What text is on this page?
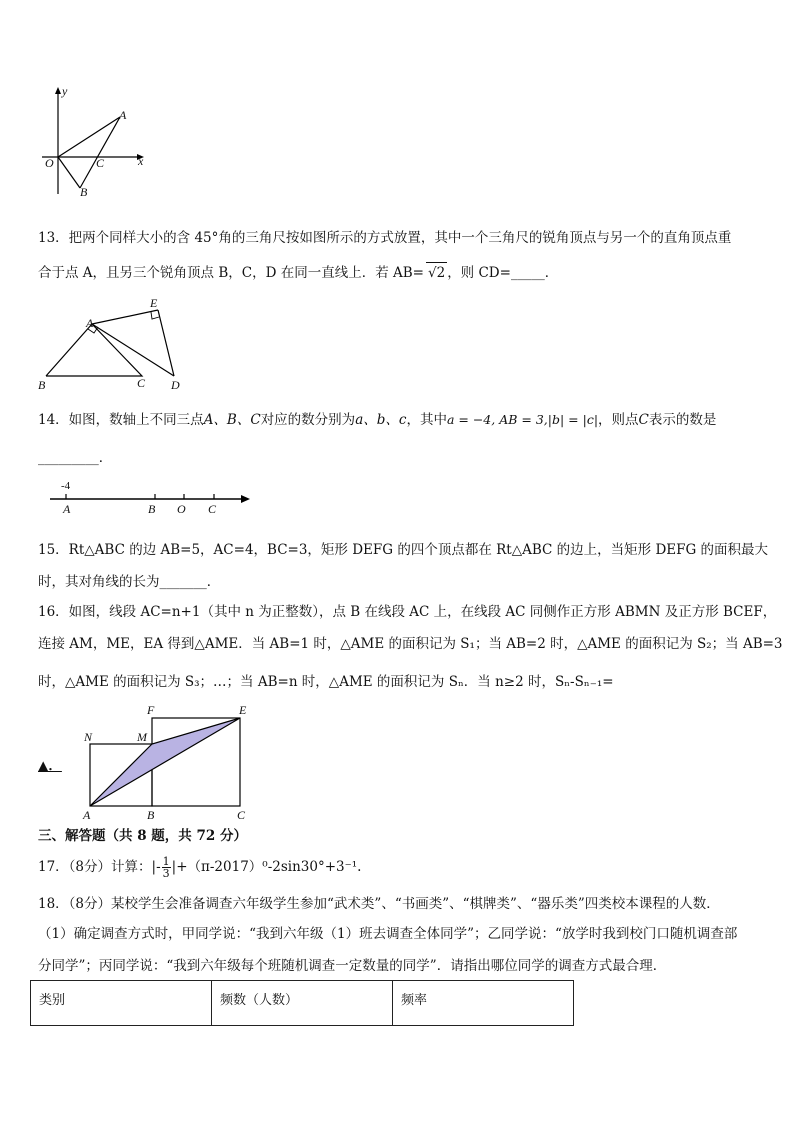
y
A
O	C	x
B
13．把两个同样大小的含 45°角的三角尺按如图所示的方式放置，其中一个三角尺的锐角顶点与另一个的直角顶点重
合于点 A，且另三个锐角顶点 B，C，D 在同一直线上．若 AB= √2 ，则 CD=_____．
E
A
B	C D
14．如图，数轴上不同三点A、B、C对应的数分别为a、b、c，其中a = −4, AB = 3,|b| = |c|，则点C表示的数是
_________．
-4
A	B O C
15．Rt△ABC 的边 AB=5，AC=4，BC=3，矩形 DEFG 的四个顶点都在 Rt△ABC 的边上，当矩形 DEFG 的面积最大
时，其对角线的长为_______．
16．如图，线段 AC=n+1（其中 n 为正整数），点 B 在线段 AC 上，在线段 AC 同侧作正方形 ABMN 及正方形 BCEF，
连接 AM，ME，EA 得到△AME．当 AB=1 时，△AME 的面积记为 S₁；当 AB=2 时，△AME 的面积记为 S₂；当 AB=3
时，△AME 的面积记为 S₃；…；当 AB=n 时，△AME 的面积记为 Sₙ．当 n≥2 时，Sₙ-Sₙ₋₁=
▲．
F	E
N	M
A	B	C
三、解答题（共 8 题，共 72 分）
17．（8分）计算：|- $\frac{1}{3} |+(\pi-2017)^0-2\sin 30^\circ+3^{-1}$.
18．（8分）某校学生会准备调查六年级学生参加“武术类”、“书画类”、“棋牌类”、“器乐类”四类校本课程的人数．
（1）确定调查方式时，甲同学说：“我到六年级（1）班去调查全体同学”；乙同学说：“放学时我到校门口随机调查部
分同学”；丙同学说：“我到六年级每个班随机调查一定数量的同学”．请指出哪位同学的调查方式最合理．
类别	频数（人数）	频率
